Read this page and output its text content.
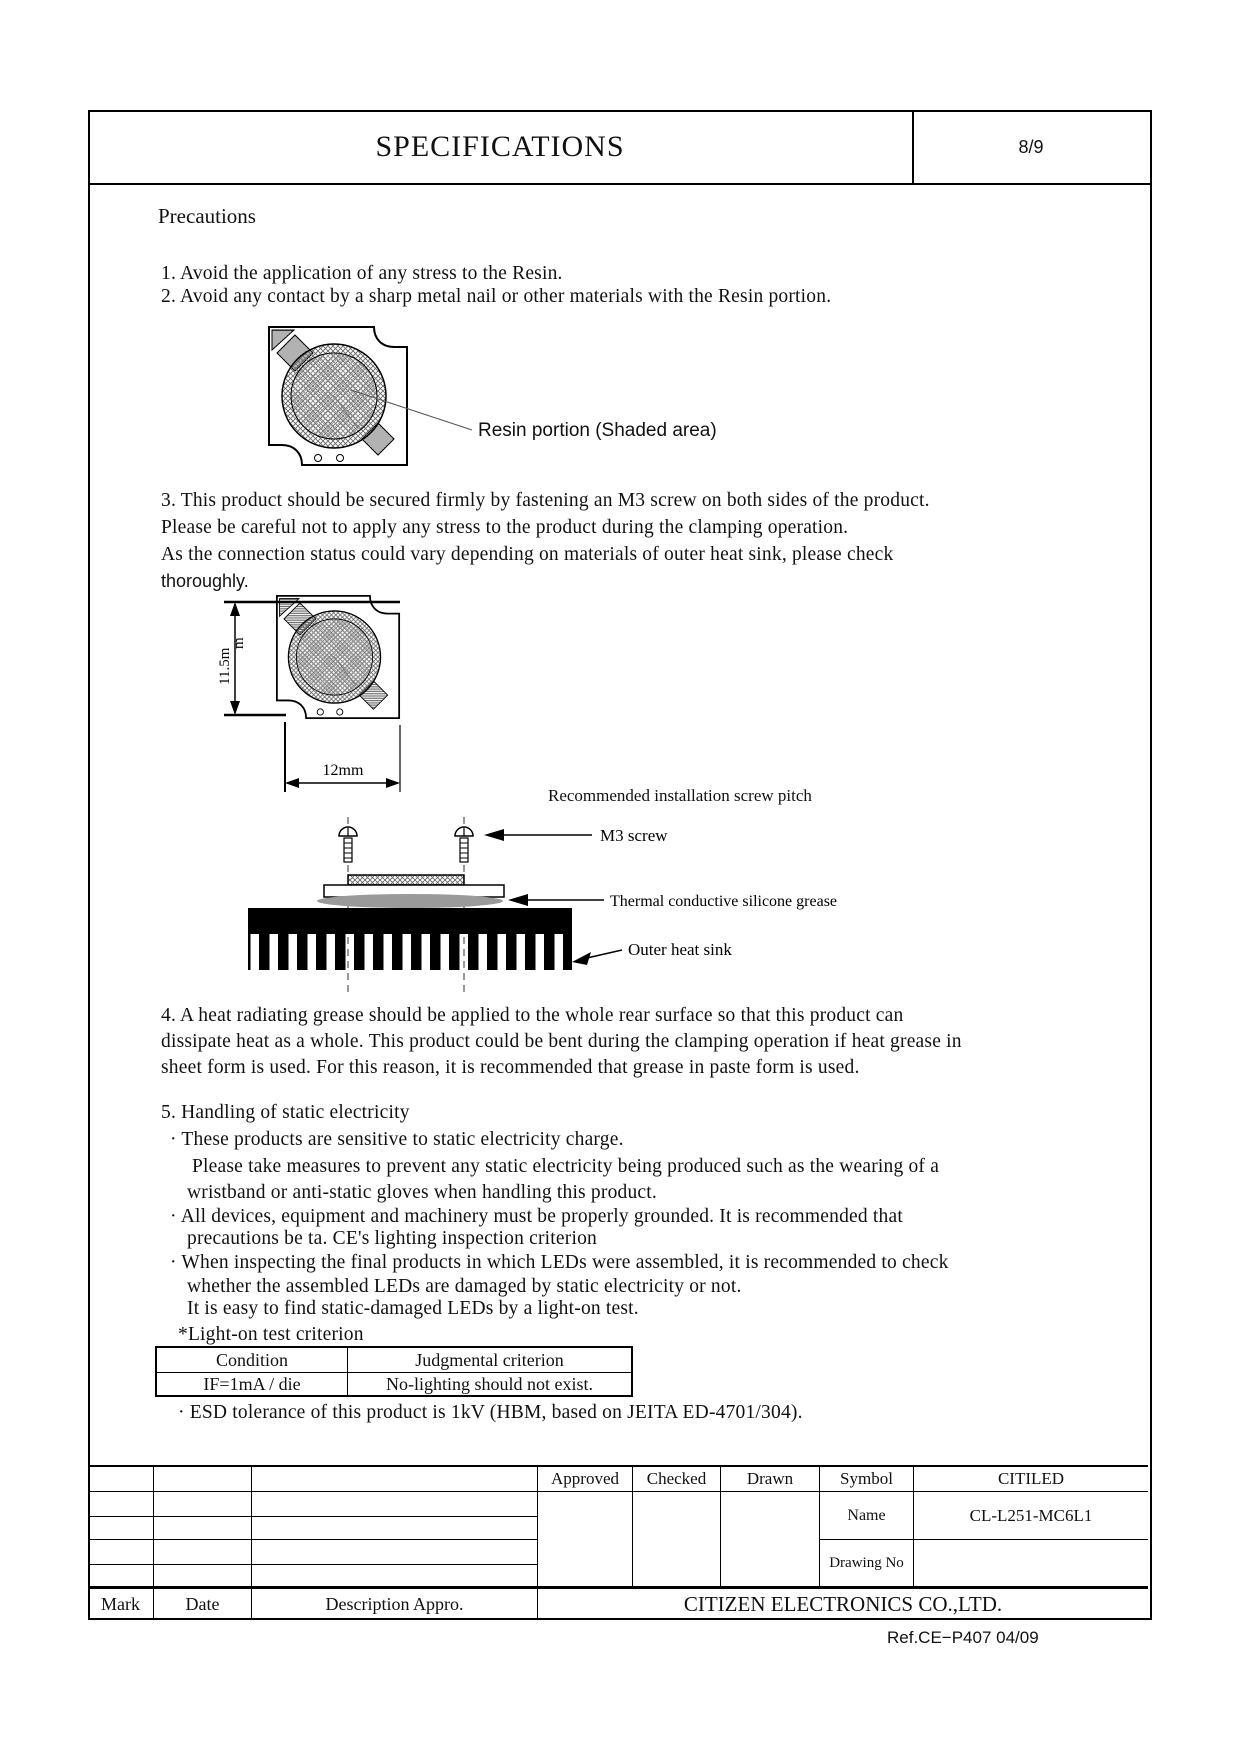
SPECIFICATIONS	8/9
Precautions
1. Avoid the application of any stress to the Resin.
2. Avoid any contact by a sharp metal nail or other materials with the Resin portion.
Resin portion (Shaded area)
3. This product should be secured firmly by fastening an M3 screw on both sides of the product.
Please be careful not to apply any stress to the product during the clamping operation.
As the connection status could vary depending on materials of outer heat sink, please check
thoroughly.
11.5m
m
12mm
Recommended installation screw pitch
M3 screw
Thermal conductive silicone grease
Outer heat sink
4. A heat radiating grease should be applied to the whole rear surface so that this product can
dissipate heat as a whole. This product could be bent during the clamping operation if heat grease in
sheet form is used. For this reason, it is recommended that grease in paste form is used.
5. Handling of static electricity
· These products are sensitive to static electricity charge.
Please take measures to prevent any static electricity being produced such as the wearing of a
wristband or anti-static gloves when handling this product.
· All devices, equipment and machinery must be properly grounded. It is recommended that
precautions be ta. CE's lighting inspection criterion
· When inspecting the final products in which LEDs were assembled, it is recommended to check
whether the assembled LEDs are damaged by static electricity or not.
It is easy to find static-damaged LEDs by a light-on test.
*Light-on test criterion
Condition	Judgmental criterion
IF=1mA / die	No-lighting should not exist.
· ESD tolerance of this product is 1kV (HBM, based on JEITA ED-4701/304).
Approved	Checked	Drawn	Symbol	CITILED
Name	CL-L251-MC6L1
Drawing No
Mark	Date	Description Appro.	CITIZEN ELECTRONICS CO.,LTD.
Ref.CE−P407 04/09
